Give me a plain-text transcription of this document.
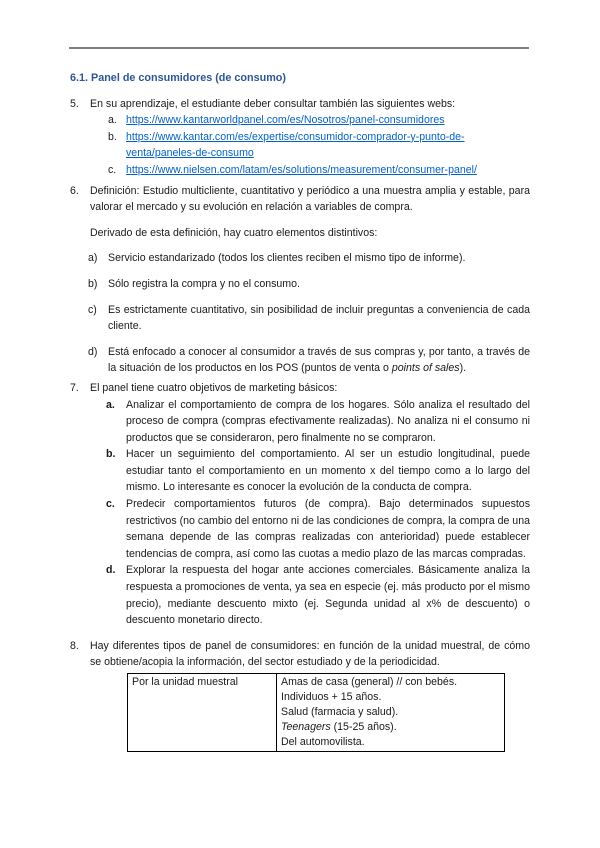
6.1. Panel de consumidores (de consumo)
5. En su aprendizaje, el estudiante deber consultar también las siguientes webs:
a. https://www.kantarworldpanel.com/es/Nosotros/panel-consumidores
b. https://www.kantar.com/es/expertise/consumidor-comprador-y-punto-de-
venta/paneles-de-consumo
c. https://www.nielsen.com/latam/es/solutions/measurement/consumer-panel/
6. Definición: Estudio multicliente, cuantitativo y periódico a una muestra amplia y estable, para valorar el mercado y su evolución en relación a variables de compra.
Derivado de esta definición, hay cuatro elementos distintivos:
a) Servicio estandarizado (todos los clientes reciben el mismo tipo de informe).
b) Sólo registra la compra y no el consumo.
c) Es estrictamente cuantitativo, sin posibilidad de incluir preguntas a conveniencia de cada cliente.
d) Está enfocado a conocer al consumidor a través de sus compras y, por tanto, a través de la situación de los productos en los POS (puntos de venta o points of sales).
7. El panel tiene cuatro objetivos de marketing básicos:
a. Analizar el comportamiento de compra de los hogares. Sólo analiza el resultado del proceso de compra (compras efectivamente realizadas). No analiza ni el consumo ni productos que se consideraron, pero finalmente no se compraron.
b. Hacer un seguimiento del comportamiento. Al ser un estudio longitudinal, puede estudiar tanto el comportamiento en un momento x del tiempo como a lo largo del mismo. Lo interesante es conocer la evolución de la conducta de compra.
c. Predecir comportamientos futuros (de compra). Bajo determinados supuestos restrictivos (no cambio del entorno ni de las condiciones de compra, la compra de una semana depende de las compras realizadas con anterioridad) puede establecer tendencias de compra, así como las cuotas a medio plazo de las marcas compradas.
d. Explorar la respuesta del hogar ante acciones comerciales. Básicamente analiza la respuesta a promociones de venta, ya sea en especie (ej. más producto por el mismo precio), mediante descuento mixto (ej. Segunda unidad al x% de descuento) o descuento monetario directo.
8. Hay diferentes tipos de panel de consumidores: en función de la unidad muestral, de cómo se obtiene/acopia la información, del sector estudiado y de la periodicidad.
Por la unidad muestral	Amas de casa (general) // con bebés.
Individuos + 15 años.
Salud (farmacia y salud).
Teenagers (15-25 años).
Del automovilista.
